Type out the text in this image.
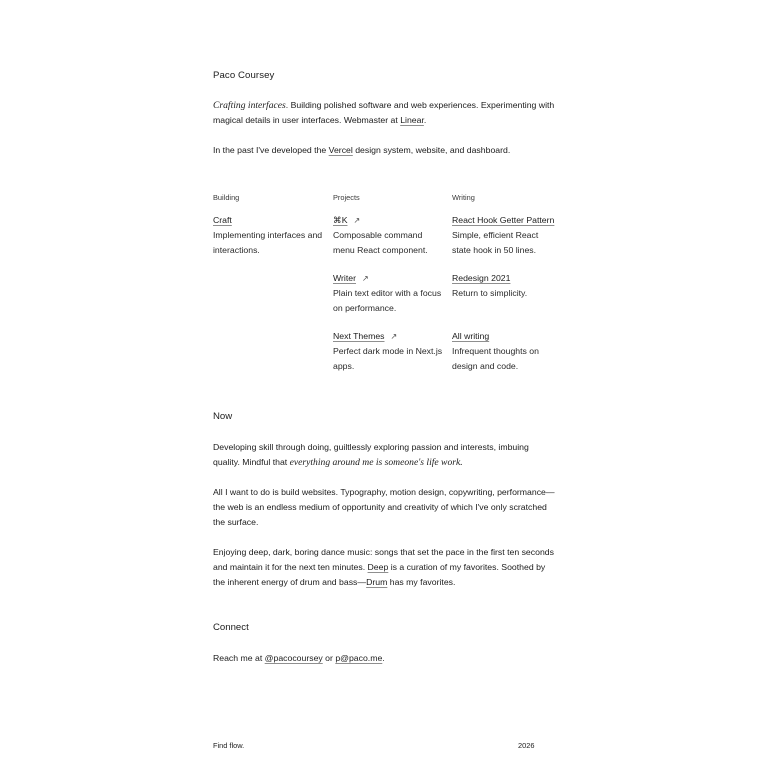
Paco Coursey
Crafting interfaces. Building polished software and web experiences. Experimenting with magical details in user interfaces. Webmaster at Linear.
In the past I've developed the Vercel design system, website, and dashboard.
Building
Craft
Implementing interfaces and interactions.
Projects
⌘K ↗
Composable command menu React component.
Writer ↗
Plain text editor with a focus on performance.
Next Themes ↗
Perfect dark mode in Next.js apps.
Writing
React Hook Getter Pattern
Simple, efficient React state hook in 50 lines.
Redesign 2021
Return to simplicity.
All writing
Infrequent thoughts on design and code.
Now
Developing skill through doing, guiltlessly exploring passion and interests, imbuing quality. Mindful that everything around me is someone's life work.
All I want to do is build websites. Typography, motion design, copywriting, performance—the web is an endless medium of opportunity and creativity of which I've only scratched the surface.
Enjoying deep, dark, boring dance music: songs that set the pace in the first ten seconds and maintain it for the next ten minutes. Deep is a curation of my favorites. Soothed by the inherent energy of drum and bass—Drum has my favorites.
Connect
Reach me at @pacocoursey or p@paco.me.
Find flow.	2026
